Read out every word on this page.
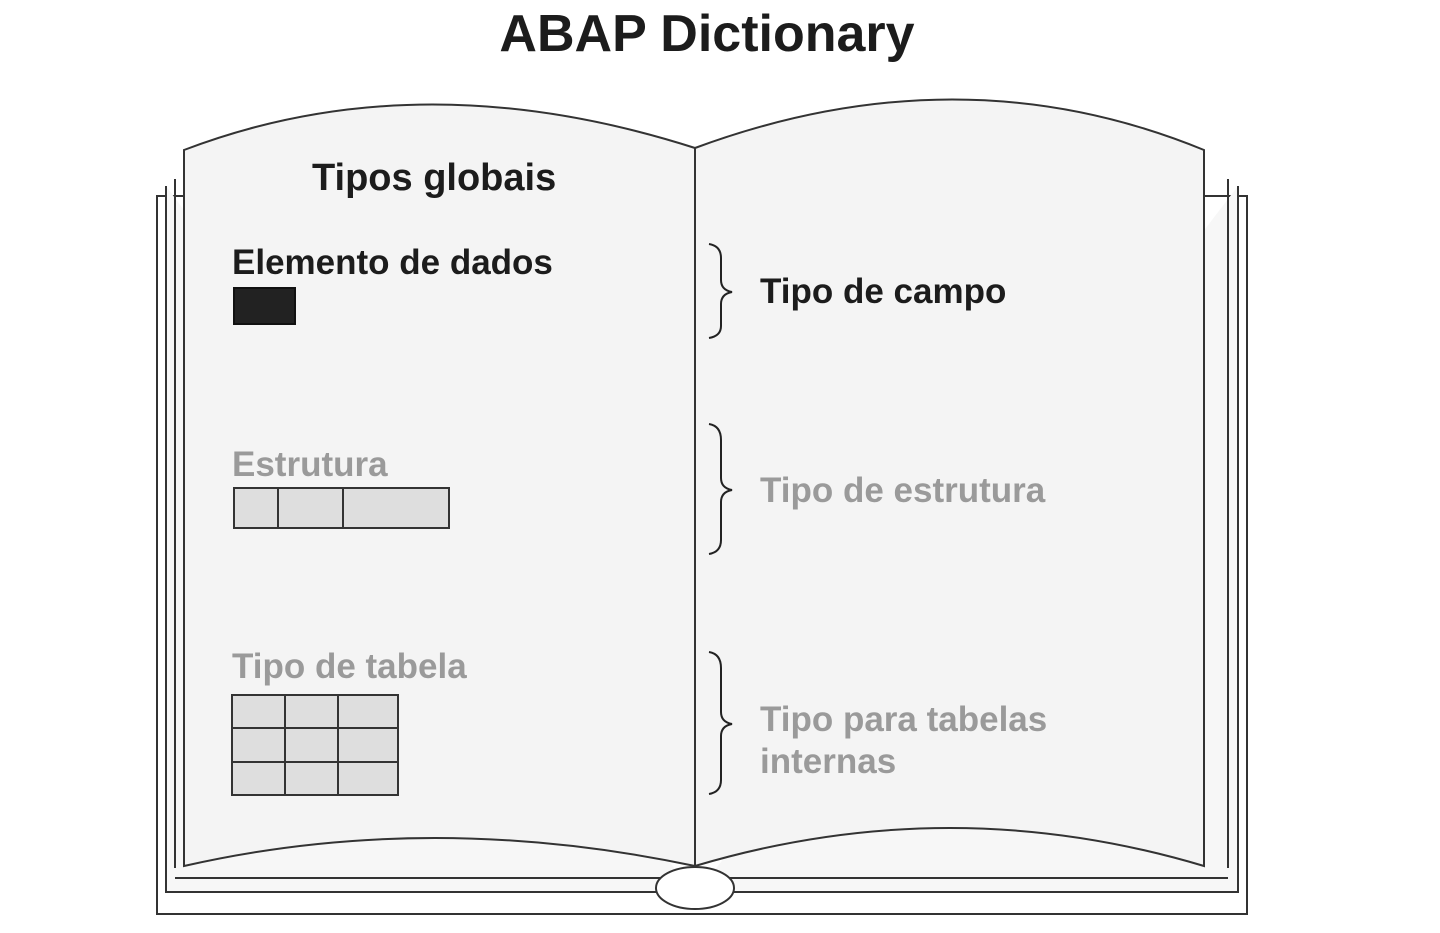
ABAP Dictionary
Tipos globais
Elemento de dados
Estrutura
Tipo de tabela
Tipo de campo
Tipo de estrutura
Tipo para tabelas
internas
